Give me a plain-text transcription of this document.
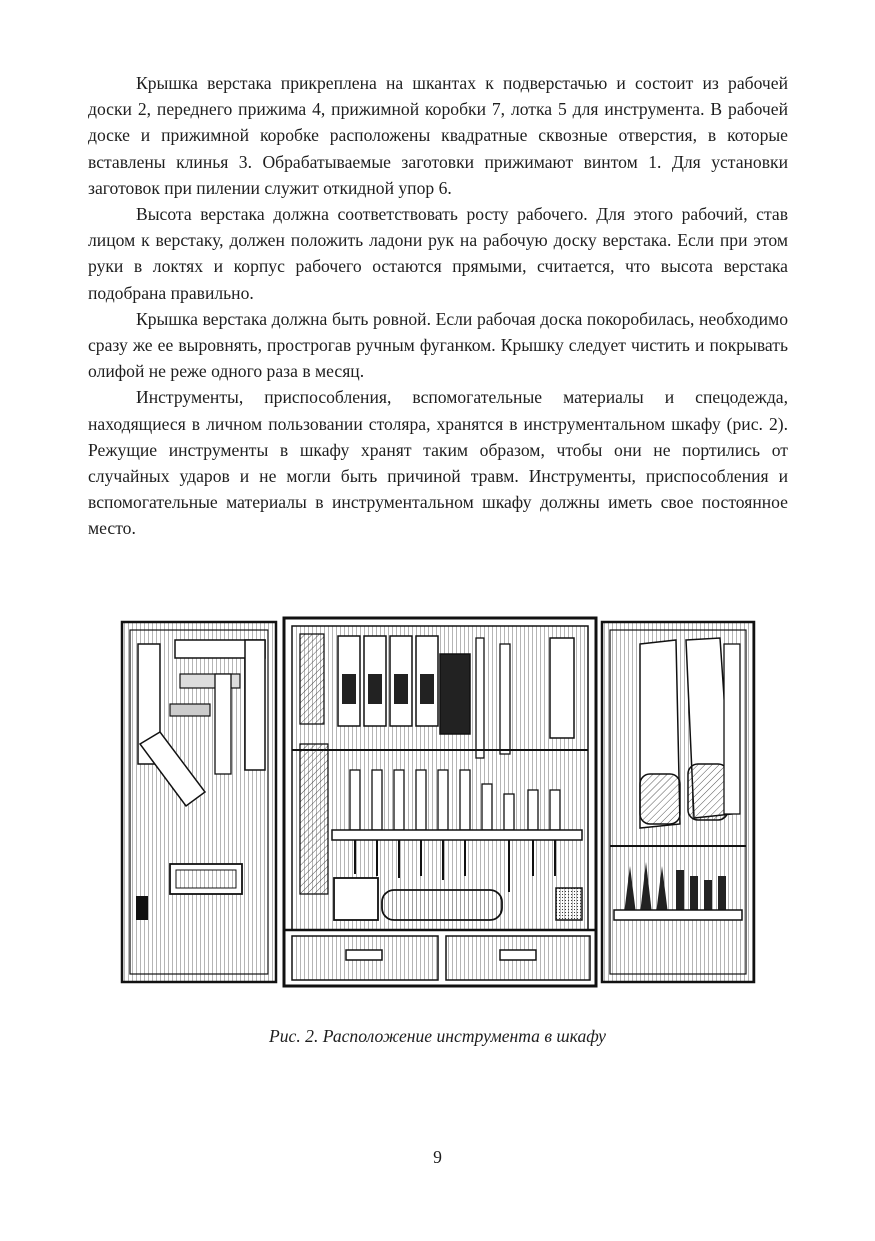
Крышка верстака прикреплена на шкантах к подверстачью и состоит из рабочей доски 2, переднего прижима 4, прижимной коробки 7, лотка 5 для инструмента. В рабочей доске и прижимной коробке расположены квадратные сквозные отверстия, в которые вставлены клинья 3. Обрабатываемые заготовки прижимают винтом 1. Для установки заготовок при пилении служит откидной упор 6.

Высота верстака должна соответствовать росту рабочего. Для этого рабочий, став лицом к верстаку, должен положить ладони рук на рабочую доску верстака. Если при этом руки в локтях и корпус рабочего остаются прямыми, считается, что высота верстака подобрана правильно.

Крышка верстака должна быть ровной. Если рабочая доска покоробилась, необходимо сразу же ее выровнять, прострогав ручным фуганком. Крышку следует чистить и покрывать олифой не реже одного раза в месяц.

Инструменты, приспособления, вспомогательные материалы и спецодежда, находящиеся в личном пользовании столяра, хранятся в инструментальном шкафу (рис. 2). Режущие инструменты в шкафу хранят таким образом, чтобы они не портились от случайных ударов и не могли быть причиной травм. Инструменты, приспособления и вспомогательные материалы в инструментальном шкафу должны иметь свое постоянное место.

Рис. 2. Расположение инструмента в шкафу
9
